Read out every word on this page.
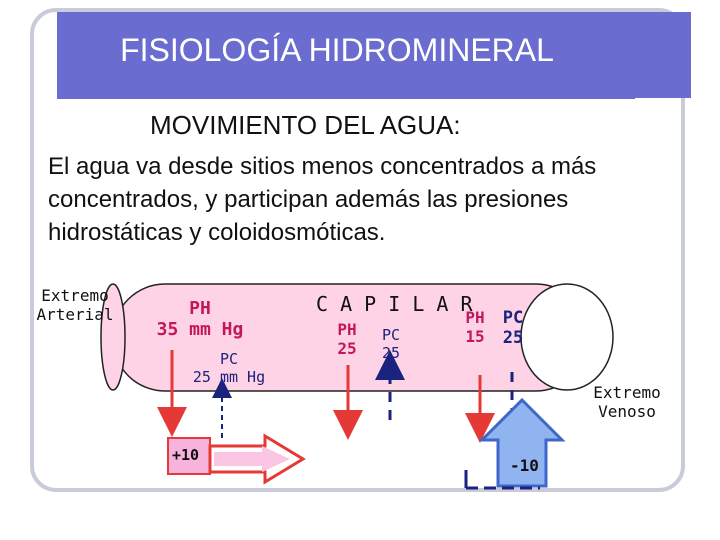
FISIOLOGÍA HIDROMINERAL
MOVIMIENTO DEL AGUA:
El agua va desde sitios menos concentrados a más concentrados, y participan además las presiones hidrostáticas y coloidosmóticas.
Extremo
Arterial
Extremo
Venoso
C A P I L A R
PH
35 mm Hg
PC
25 mm Hg
PH
25
PC
25
PH
15
PC
25
+10
-10
